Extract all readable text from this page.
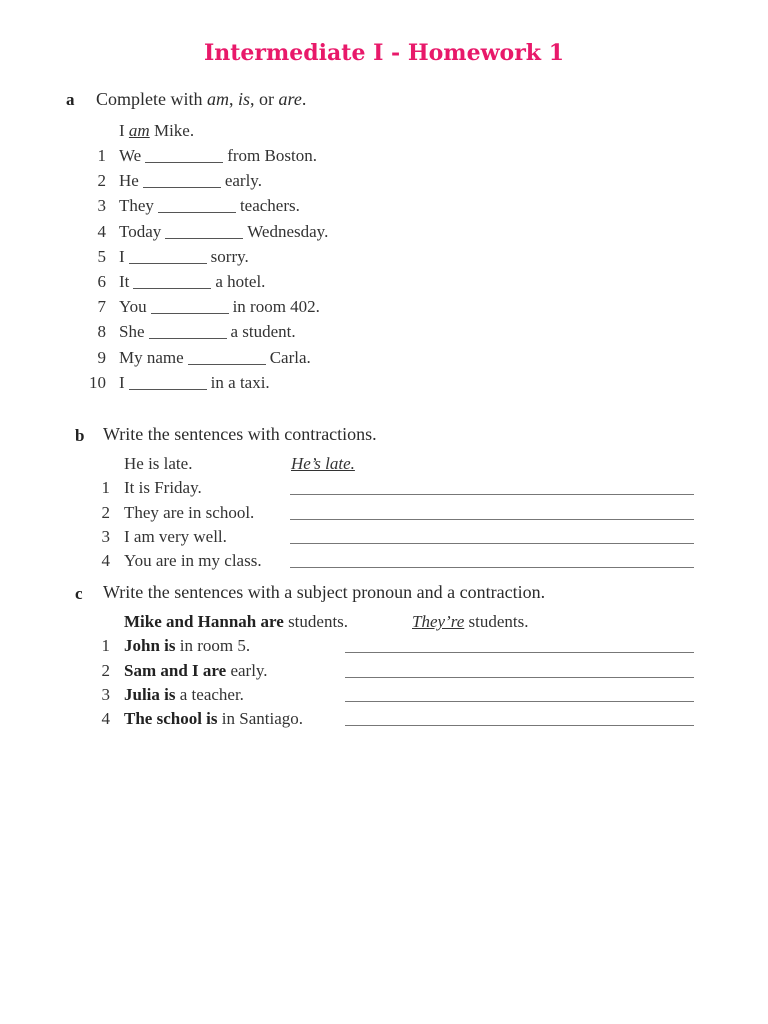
Intermediate I - Homework 1
a Complete with am, is, or are.
I am Mike.
1 We	from Boston.
2 He	early.
3 They	teachers.
4 Today	Wednesday.
5 I	sorry.
6 It	a hotel.
7 You	in room 402.
8 She	a student.
9 My name	Carla.
10 I	in a taxi.
b Write the sentences with contractions.
He is late.	He’s late.
1 It is Friday.
2 They are in school.
3 I am very well.
4 You are in my class.
c Write the sentences with a subject pronoun and a contraction.
Mike and Hannah are students.	They’re students.
1 John is in room 5.
2 Sam and I are early.
3 Julia is a teacher.
4 The school is in Santiago.
